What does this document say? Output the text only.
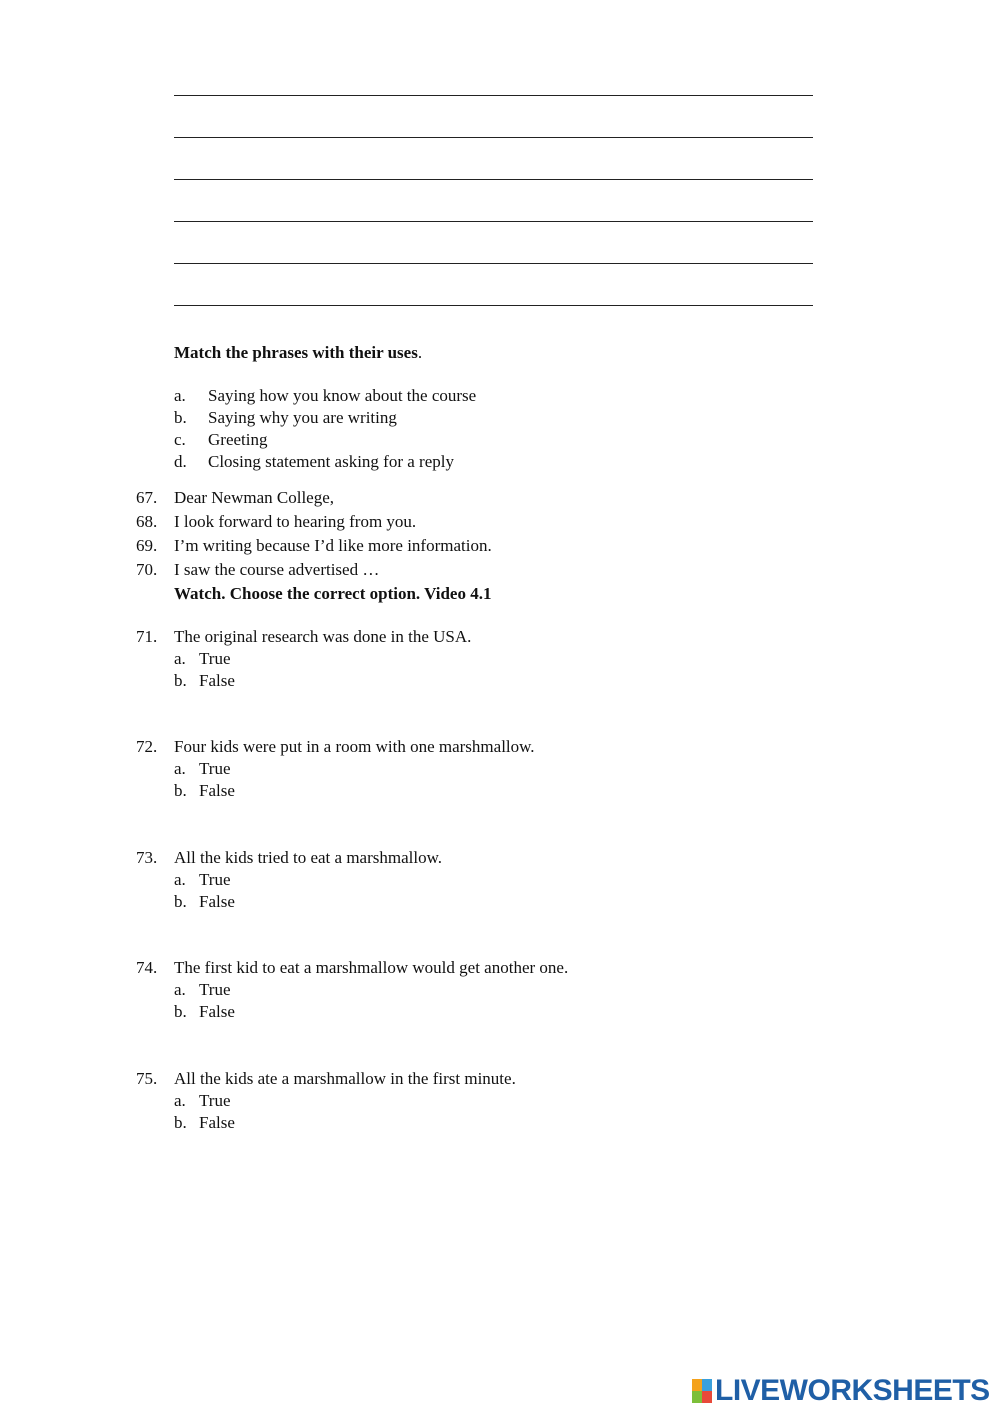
Match the phrases with their uses.
a. Saying how you know about the course
b. Saying why you are writing
c. Greeting
d. Closing statement asking for a reply
67. Dear Newman College,
68. I look forward to hearing from you.
69. I’m writing because I’d like more information.
70. I saw the course advertised …
Watch. Choose the correct option. Video 4.1
71. The original research was done in the USA.
a. True
b. False
72. Four kids were put in a room with one marshmallow.
a. True
b. False
73. All the kids tried to eat a marshmallow.
a. True
b. False
74. The first kid to eat a marshmallow would get another one.
a. True
b. False
75. All the kids ate a marshmallow in the first minute.
a. True
b. False
LIVEWORKSHEETS
